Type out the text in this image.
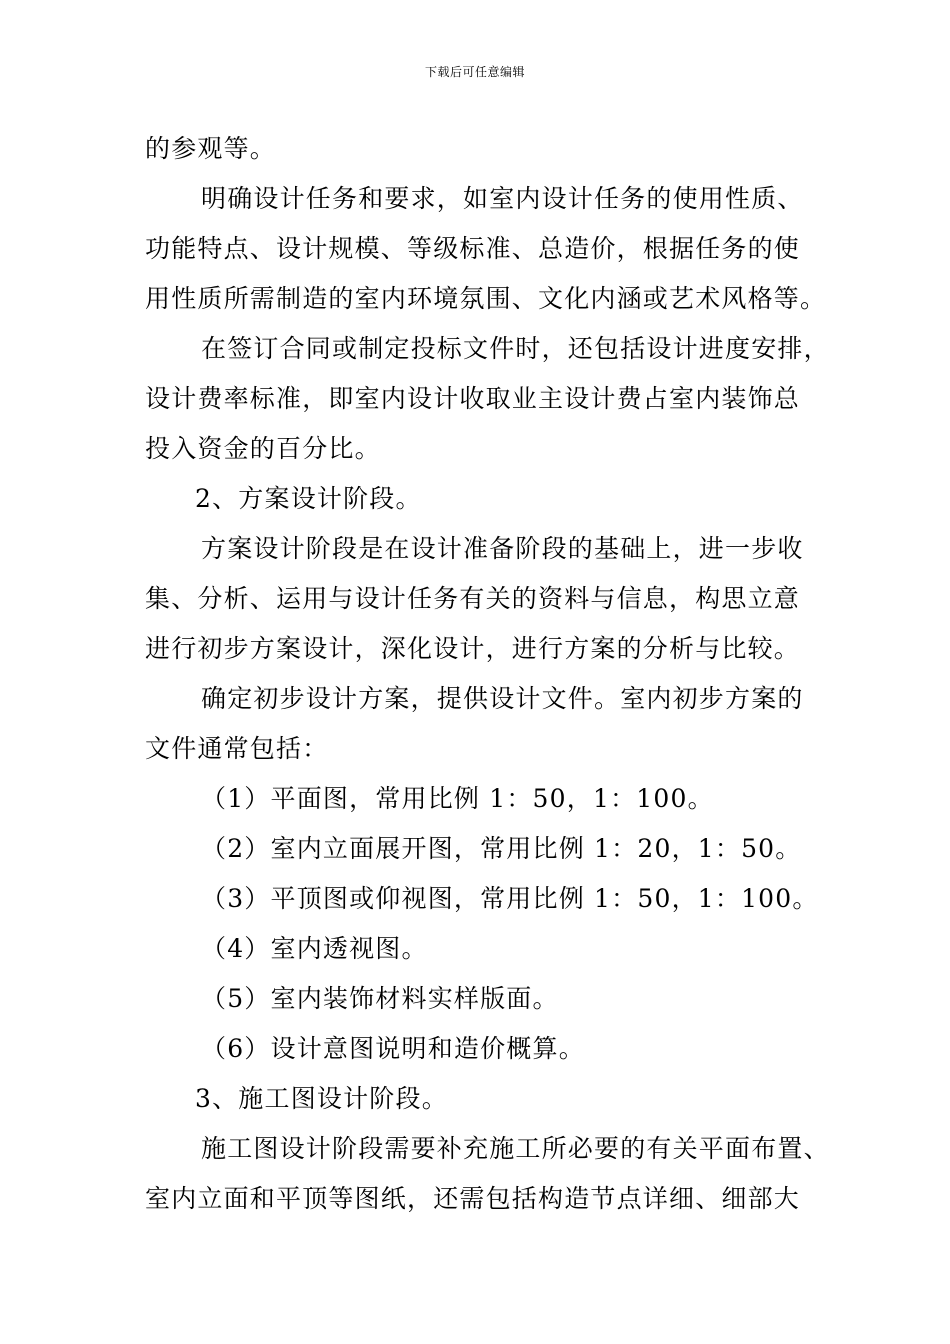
下载后可任意编辑
的参观等。
明确设计任务和要求，如室内设计任务的使用性质、
功能特点、设计规模、等级标准、总造价，根据任务的使
用性质所需制造的室内环境氛围、文化内涵或艺术风格等。
在签订合同或制定投标文件时，还包括设计进度安排，
设计费率标准，即室内设计收取业主设计费占室内装饰总
投入资金的百分比。
2、方案设计阶段。
方案设计阶段是在设计准备阶段的基础上，进一步收
集、分析、运用与设计任务有关的资料与信息，构思立意
进行初步方案设计，深化设计，进行方案的分析与比较。
确定初步设计方案，提供设计文件。室内初步方案的
文件通常包括：
（1）平面图，常用比例 1：50，1：100。
（2）室内立面展开图，常用比例 1：20，1：50。
（3）平顶图或仰视图，常用比例 1：50，1：100。
（4）室内透视图。
（5）室内装饰材料实样版面。
（6）设计意图说明和造价概算。
3、施工图设计阶段。
施工图设计阶段需要补充施工所必要的有关平面布置、
室内立面和平顶等图纸，还需包括构造节点详细、细部大
